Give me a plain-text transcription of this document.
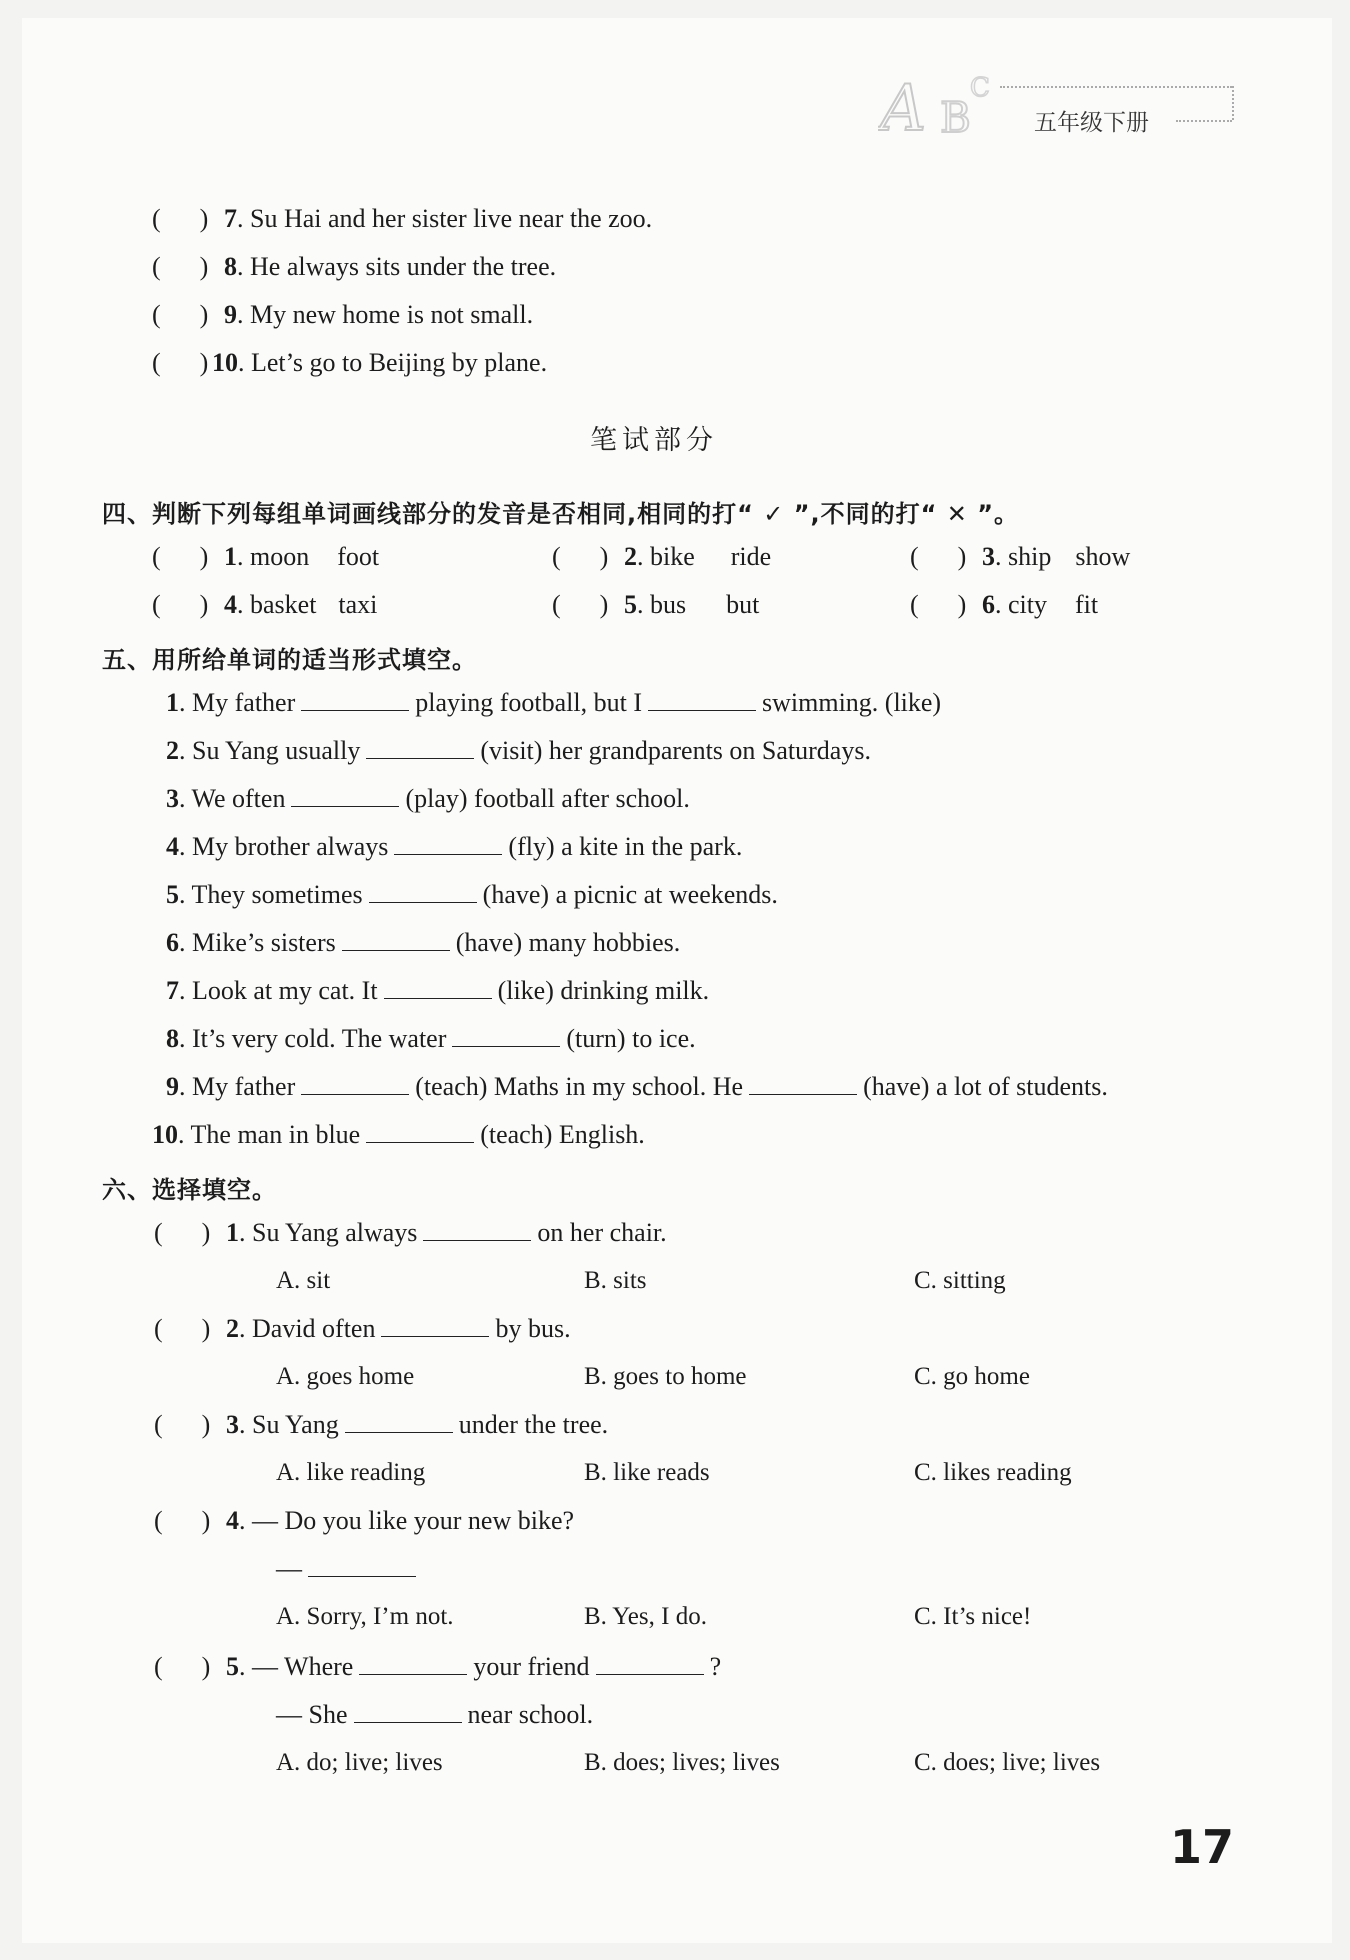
A B
C
五年级下册
(      ) 7. Su Hai and her sister live near the zoo.
(      ) 8. He always sits under the tree.
(      ) 9. My new home is not small.
(      ) 10. Let’s go to Beijing by plane.
笔试部分
四、判断下列每组单词画线部分的发音是否相同,相同的打“ ✓ ”,不同的打“ ✕ ”。
(      ) 1. moon foot	(      ) 2. bike ride	(      ) 3. ship show
(      ) 4. basket taxi	(      ) 5. bus but	(      ) 6. city fit
五、用所给单词的适当形式填空。
1. My father	playing football, but I	swimming. (like)
2. Su Yang usually	(visit) her grandparents on Saturdays.
3. We often	(play) football after school.
4. My brother always	(fly) a kite in the park.
5. They sometimes	(have) a picnic at weekends.
6. Mike’s sisters	(have) many hobbies.
7. Look at my cat. It	(like) drinking milk.
8. It’s very cold. The water	(turn) to ice.
9. My father	(teach) Maths in my school. He	(have) a lot of students.
10. The man in blue	(teach) English.
六、选择填空。
(      ) 1. Su Yang always	on her chair.
A. sit	B. sits	C. sitting
(      ) 2. David often	by bus.
A. goes home	B. goes to home	C. go home
(      ) 3. Su Yang	under the tree.
A. like reading	B. like reads	C. likes reading
(      ) 4. — Do you like your new bike?
—
A. Sorry, I’m not.	B. Yes, I do.	C. It’s nice!
(      ) 5. — Where	your friend	?
— She	near school.
A. do; live; lives	B. does; lives; lives	C. does; live; lives
17
